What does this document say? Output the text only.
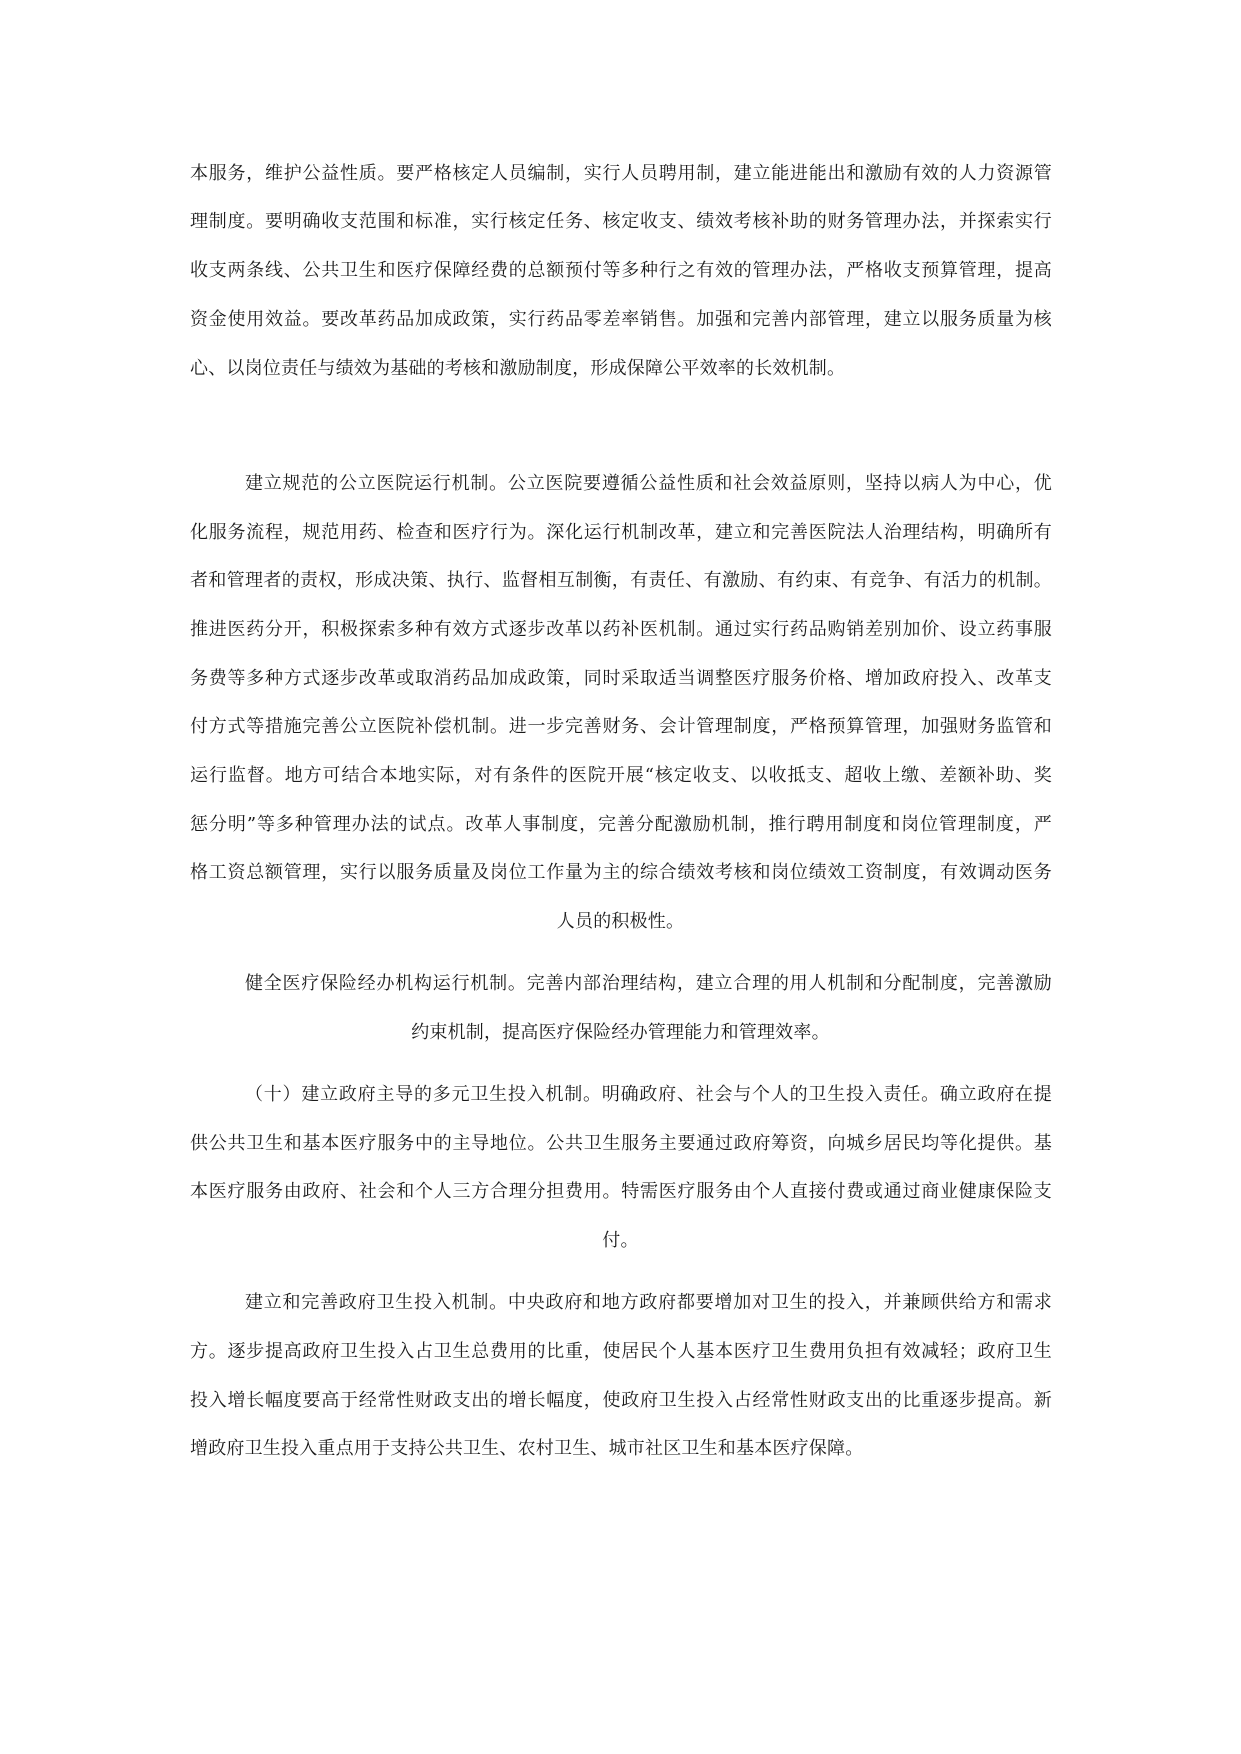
本服务，维护公益性质。要严格核定人员编制，实行人员聘用制，建立能进能出和激励有效的人力资源管
理制度。要明确收支范围和标准，实行核定任务、核定收支、绩效考核补助的财务管理办法，并探索实行
收支两条线、公共卫生和医疗保障经费的总额预付等多种行之有效的管理办法，严格收支预算管理，提高
资金使用效益。要改革药品加成政策，实行药品零差率销售。加强和完善内部管理，建立以服务质量为核
心、以岗位责任与绩效为基础的考核和激励制度，形成保障公平效率的长效机制。
建立规范的公立医院运行机制。公立医院要遵循公益性质和社会效益原则，坚持以病人为中心，优
化服务流程，规范用药、检查和医疗行为。深化运行机制改革，建立和完善医院法人治理结构，明确所有
者和管理者的责权，形成决策、执行、监督相互制衡，有责任、有激励、有约束、有竞争、有活力的机制。
推进医药分开，积极探索多种有效方式逐步改革以药补医机制。通过实行药品购销差别加价、设立药事服
务费等多种方式逐步改革或取消药品加成政策，同时采取适当调整医疗服务价格、增加政府投入、改革支
付方式等措施完善公立医院补偿机制。进一步完善财务、会计管理制度，严格预算管理，加强财务监管和
运行监督。地方可结合本地实际，对有条件的医院开展“核定收支、以收抵支、超收上缴、差额补助、奖
惩分明”等多种管理办法的试点。改革人事制度，完善分配激励机制，推行聘用制度和岗位管理制度，严
格工资总额管理，实行以服务质量及岗位工作量为主的综合绩效考核和岗位绩效工资制度，有效调动医务
人员的积极性。
健全医疗保险经办机构运行机制。完善内部治理结构，建立合理的用人机制和分配制度，完善激励
约束机制，提高医疗保险经办管理能力和管理效率。
（十）建立政府主导的多元卫生投入机制。明确政府、社会与个人的卫生投入责任。确立政府在提
供公共卫生和基本医疗服务中的主导地位。公共卫生服务主要通过政府筹资，向城乡居民均等化提供。基
本医疗服务由政府、社会和个人三方合理分担费用。特需医疗服务由个人直接付费或通过商业健康保险支
付。
建立和完善政府卫生投入机制。中央政府和地方政府都要增加对卫生的投入，并兼顾供给方和需求
方。逐步提高政府卫生投入占卫生总费用的比重，使居民个人基本医疗卫生费用负担有效减轻；政府卫生
投入增长幅度要高于经常性财政支出的增长幅度，使政府卫生投入占经常性财政支出的比重逐步提高。新
增政府卫生投入重点用于支持公共卫生、农村卫生、城市社区卫生和基本医疗保障。
